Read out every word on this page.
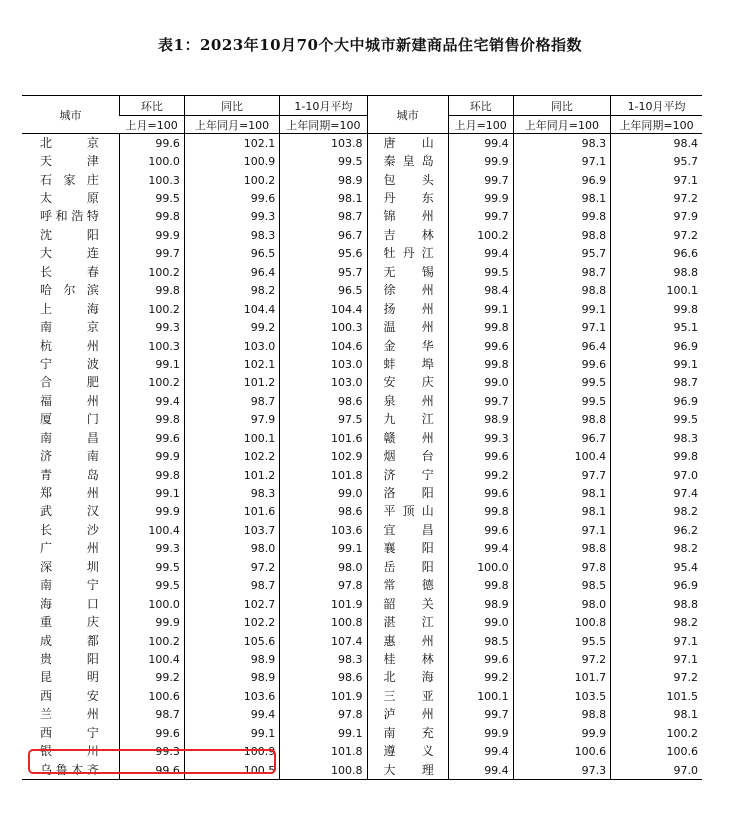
表1：2023年10月70个大中城市新建商品住宅销售价格指数
城市	环比	同比	1-10月平均	城市	环比	同比	1-10月平均
	上月=100	上年同月=100	上年同期=100		上月=100	上年同月=100	上年同期=100
北京	99.6	102.1	103.8	唐山	99.4	98.3	98.4
天津	100.0	100.9	99.5	秦皇岛	99.9	97.1	95.7
石家庄	100.3	100.2	98.9	包头	99.7	96.9	97.1
太原	99.5	99.6	98.1	丹东	99.9	98.1	97.2
呼和浩特	99.8	99.3	98.7	锦州	99.7	99.8	97.9
沈阳	99.9	98.3	96.7	吉林	100.2	98.8	97.2
大连	99.7	96.5	95.6	牡丹江	99.4	95.7	96.6
长春	100.2	96.4	95.7	无锡	99.5	98.7	98.8
哈尔滨	99.8	98.2	96.5	徐州	98.4	98.8	100.1
上海	100.2	104.4	104.4	扬州	99.1	99.1	99.8
南京	99.3	99.2	100.3	温州	99.8	97.1	95.1
杭州	100.3	103.0	104.6	金华	99.6	96.4	96.9
宁波	99.1	102.1	103.0	蚌埠	99.8	99.6	99.1
合肥	100.2	101.2	103.0	安庆	99.0	99.5	98.7
福州	99.4	98.7	98.6	泉州	99.7	99.5	96.9
厦门	99.8	97.9	97.5	九江	98.9	98.8	99.5
南昌	99.6	100.1	101.6	赣州	99.3	96.7	98.3
济南	99.9	102.2	102.9	烟台	99.6	100.4	99.8
青岛	99.8	101.2	101.8	济宁	99.2	97.7	97.0
郑州	99.1	98.3	99.0	洛阳	99.6	98.1	97.4
武汉	99.9	101.6	98.6	平顶山	99.8	98.1	98.2
长沙	100.4	103.7	103.6	宜昌	99.6	97.1	96.2
广州	99.3	98.0	99.1	襄阳	99.4	98.8	98.2
深圳	99.5	97.2	98.0	岳阳	100.0	97.8	95.4
南宁	99.5	98.7	97.8	常德	99.8	98.5	96.9
海口	100.0	102.7	101.9	韶关	98.9	98.0	98.8
重庆	99.9	102.2	100.8	湛江	99.0	100.8	98.2
成都	100.2	105.6	107.4	惠州	98.5	95.5	97.1
贵阳	100.4	98.9	98.3	桂林	99.6	97.2	97.1
昆明	99.2	98.9	98.6	北海	99.2	101.7	97.2
西安	100.6	103.6	101.9	三亚	100.1	103.5	101.5
兰州	98.7	99.4	97.8	泸州	99.7	98.8	98.1
西宁	99.6	99.1	99.1	南充	99.9	99.9	100.2
银川	99.3	100.9	101.8	遵义	99.4	100.6	100.6
乌鲁木齐	99.6	100.5	100.8	大理	99.4	97.3	97.0
